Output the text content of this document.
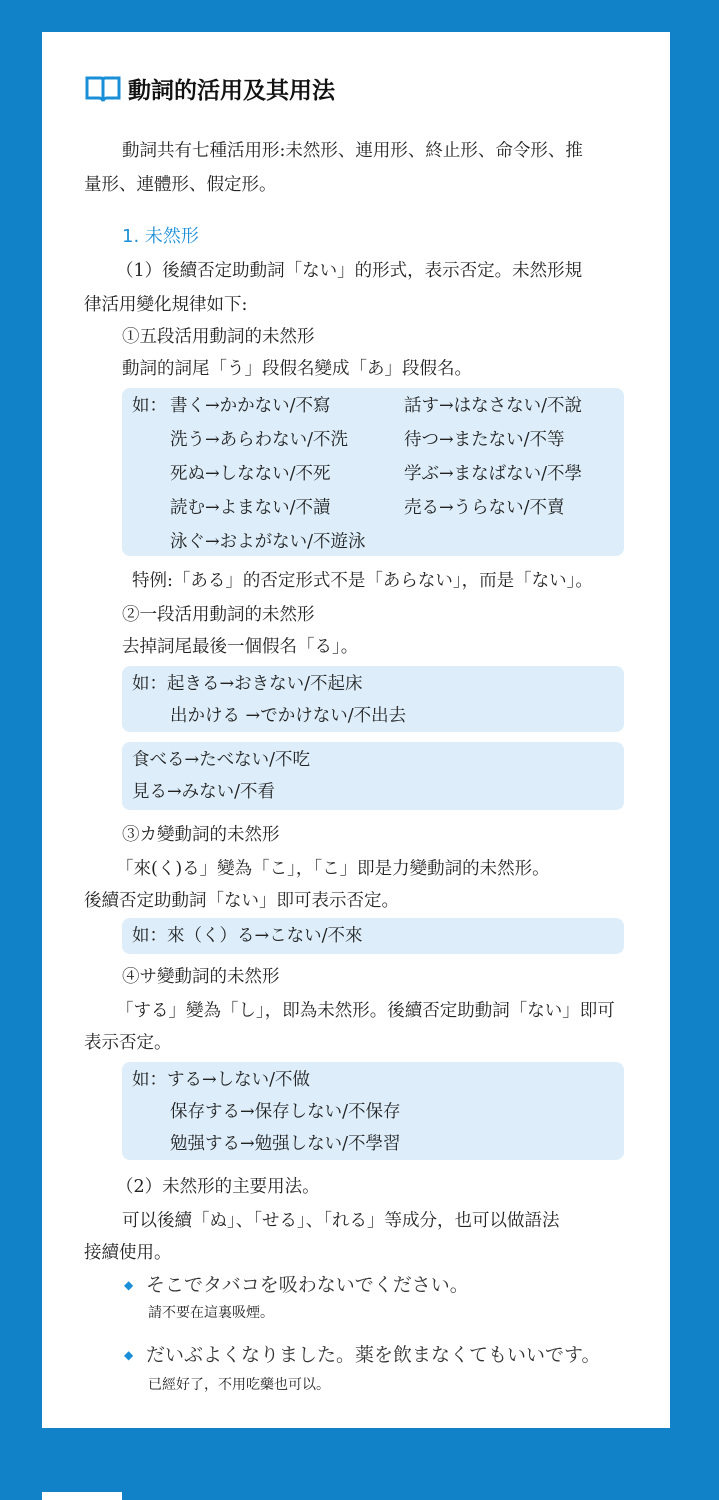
動詞的活用及其用法
動詞共有七種活用形:未然形、連用形、終止形、命令形、推
量形、連體形、假定形。
1. 未然形
（1）後續否定助動詞「ない」的形式，表示否定。未然形規
律活用變化規律如下:
①五段活用動詞的未然形
動詞的詞尾「う」段假名變成「あ」段假名。
如： 書く→かかない/不寫
洗う→あらわない/不洗
死ぬ→しなない/不死
読む→よまない/不讀
泳ぐ→およがない/不遊泳
話す→はなさない/不說
待つ→またない/不等
学ぶ→まなばない/不學
売る→うらない/不賣
特例:「ある」的否定形式不是「あらない」，而是「ない」。
②一段活用動詞的未然形
去掉詞尾最後一個假名「る」。
如：起きる→おきない/不起床
出かける →でかけない/不出去
食べる→たべない/不吃
見る→みない/不看
③カ變動詞的未然形
「來(く)る」變為「こ」，「こ」即是力變動詞的未然形。
後續否定助動詞「ない」即可表示否定。
如：來（く）る→こない/不來
④サ變動詞的未然形
「する」變為「し」，即為未然形。後續否定助動詞「ない」即可
表示否定。
如：する→しない/不做
保存する→保存しない/不保存
勉强する→勉强しない/不學習
（2）未然形的主要用法。
可以後續「ぬ」、「せる」、「れる」等成分，也可以做語法
接續使用。
◆ そこでタバコを吸わないでください。
請不要在這裏吸煙。
◆ だいぶよくなりました。薬を飲まなくてもいいです。
已經好了，不用吃藥也可以。
